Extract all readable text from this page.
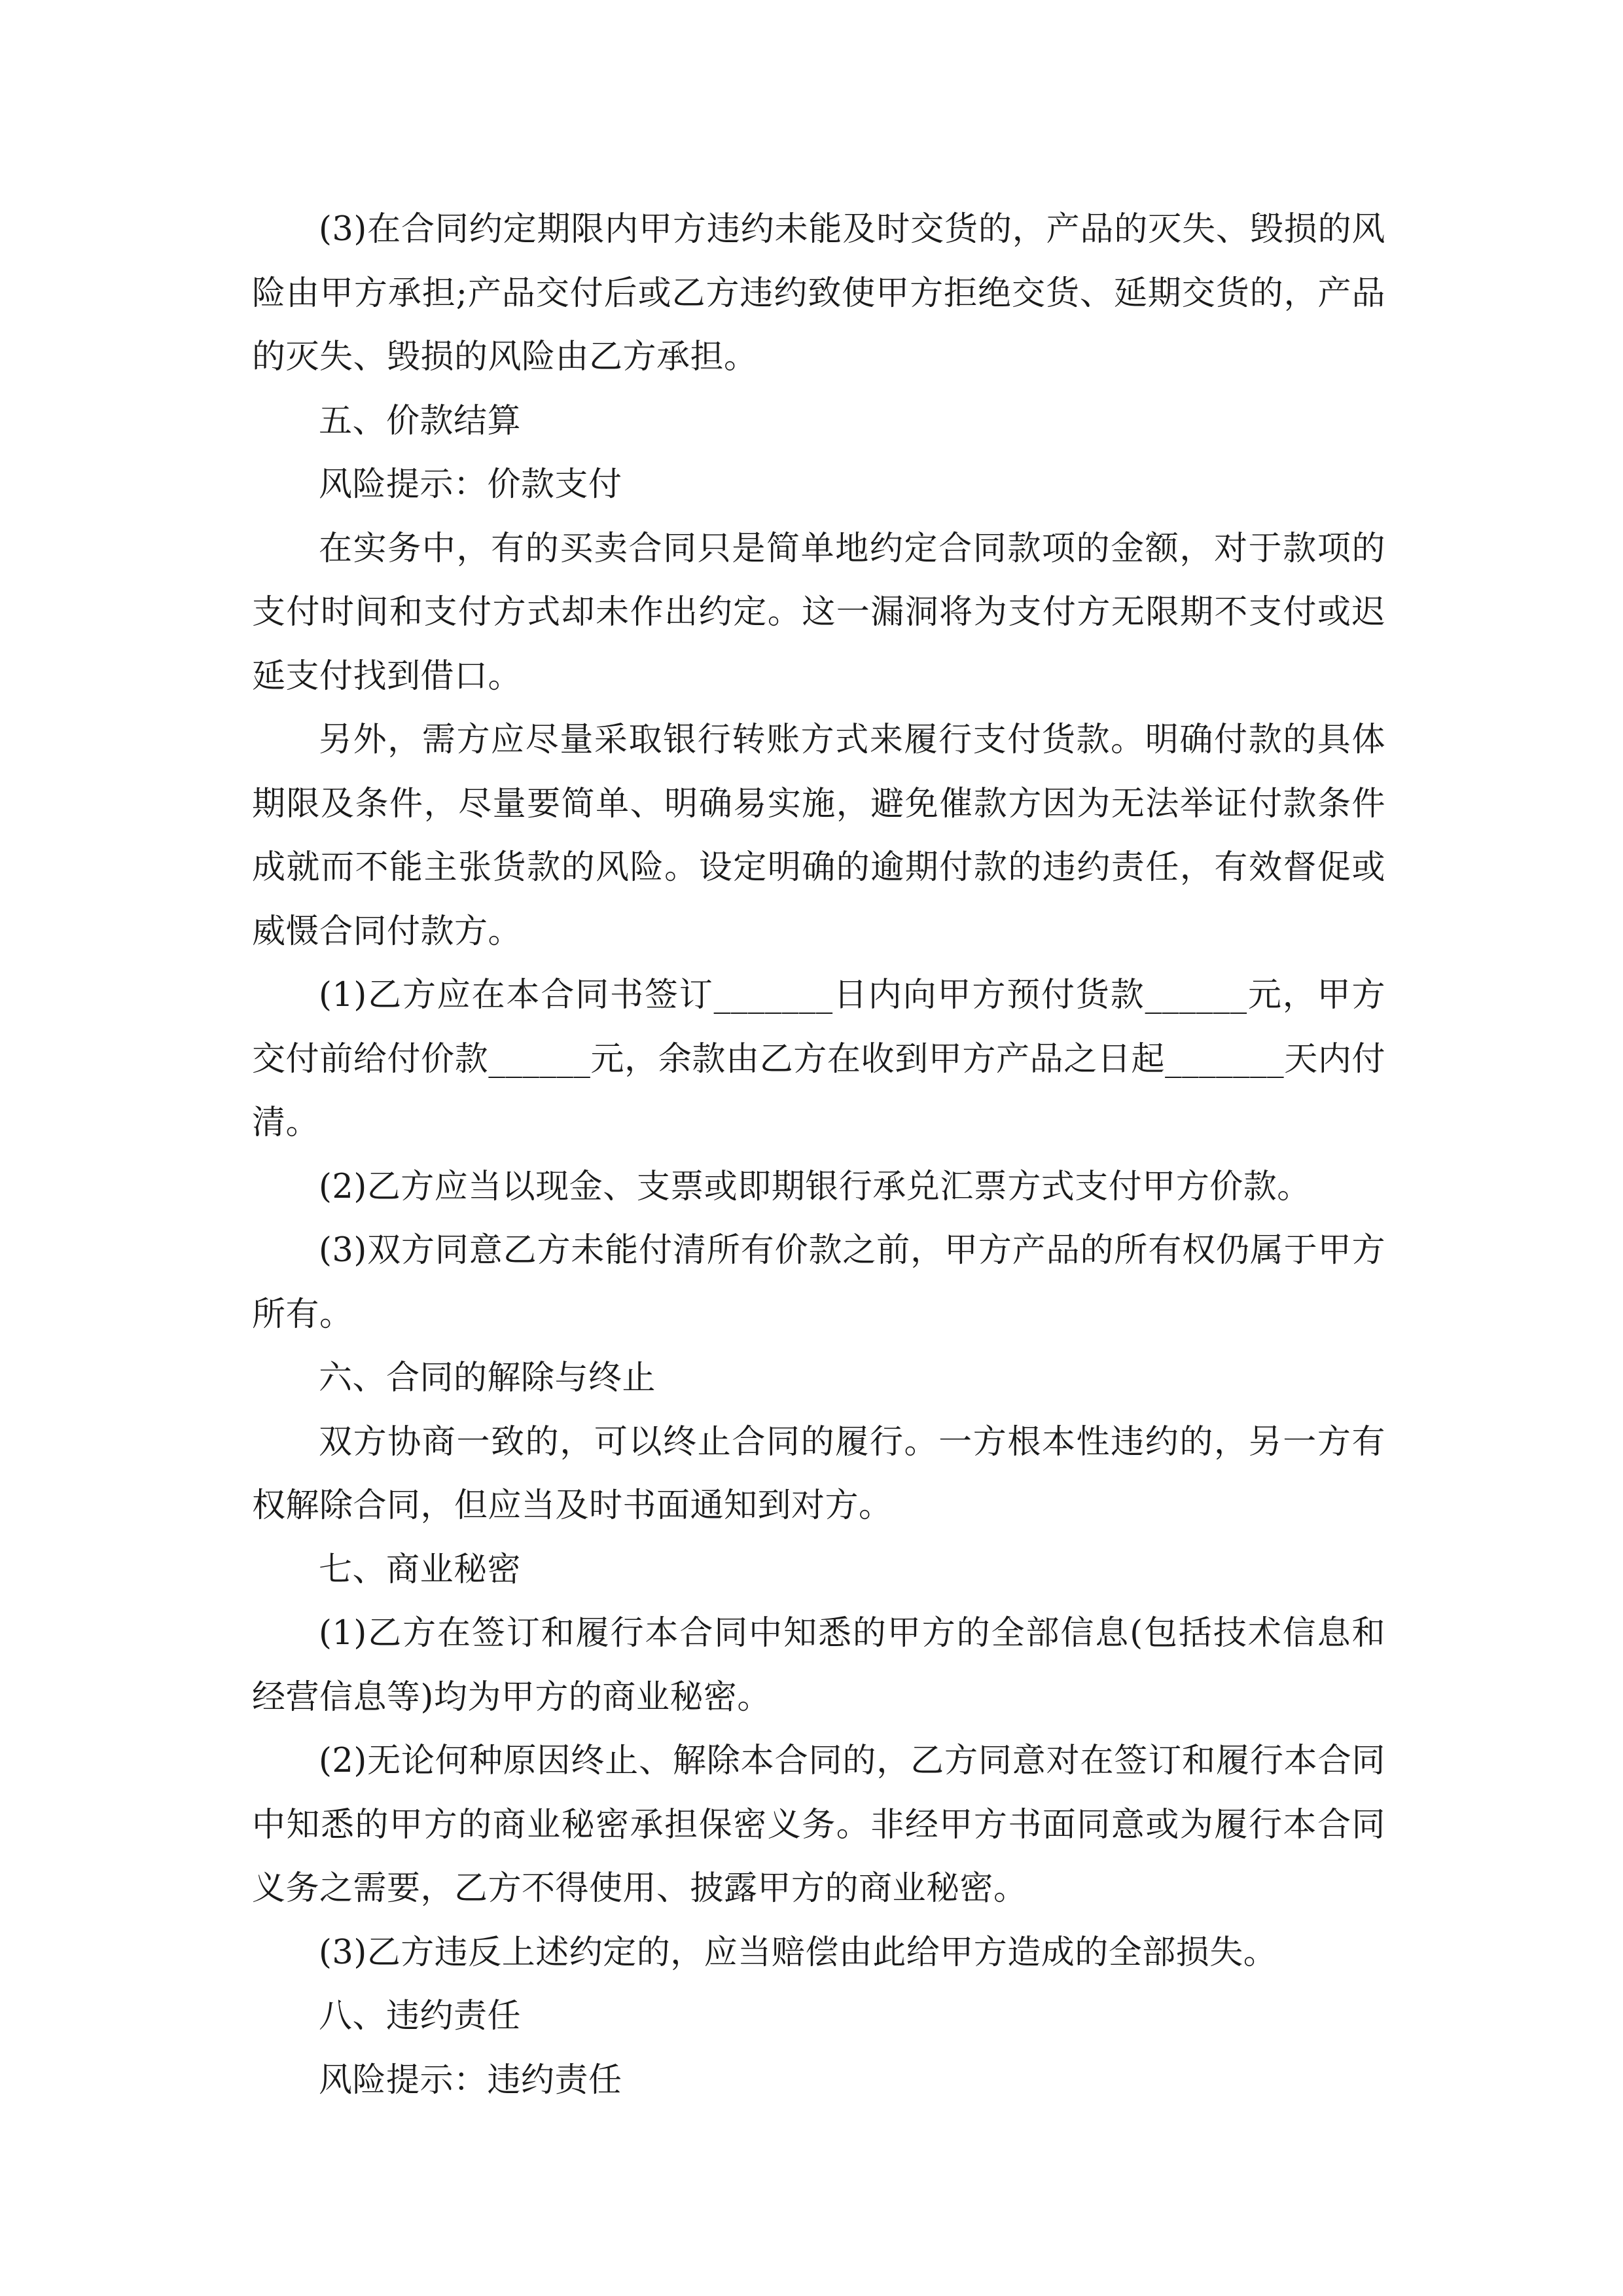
(3)在合同约定期限内甲方违约未能及时交货的，产品的灭失、毁损的风险由甲方承担;产品交付后或乙方违约致使甲方拒绝交货、延期交货的，产品的灭失、毁损的风险由乙方承担。

五、价款结算

风险提示：价款支付

在实务中，有的买卖合同只是简单地约定合同款项的金额，对于款项的支付时间和支付方式却未作出约定。这一漏洞将为支付方无限期不支付或迟延支付找到借口。

另外，需方应尽量采取银行转账方式来履行支付货款。明确付款的具体期限及条件，尽量要简单、明确易实施，避免催款方因为无法举证付款条件成就而不能主张货款的风险。设定明确的逾期付款的违约责任，有效督促或威慑合同付款方。

(1)乙方应在本合同书签订_______日内向甲方预付货款______元，甲方交付前给付价款______元，余款由乙方在收到甲方产品之日起_______天内付清。

(2)乙方应当以现金、支票或即期银行承兑汇票方式支付甲方价款。

(3)双方同意乙方未能付清所有价款之前，甲方产品的所有权仍属于甲方所有。

六、合同的解除与终止

双方协商一致的，可以终止合同的履行。一方根本性违约的，另一方有权解除合同，但应当及时书面通知到对方。

七、商业秘密

(1)乙方在签订和履行本合同中知悉的甲方的全部信息(包括技术信息和经营信息等)均为甲方的商业秘密。

(2)无论何种原因终止、解除本合同的，乙方同意对在签订和履行本合同中知悉的甲方的商业秘密承担保密义务。非经甲方书面同意或为履行本合同义务之需要，乙方不得使用、披露甲方的商业秘密。

(3)乙方违反上述约定的，应当赔偿由此给甲方造成的全部损失。

八、违约责任

风险提示：违约责任
